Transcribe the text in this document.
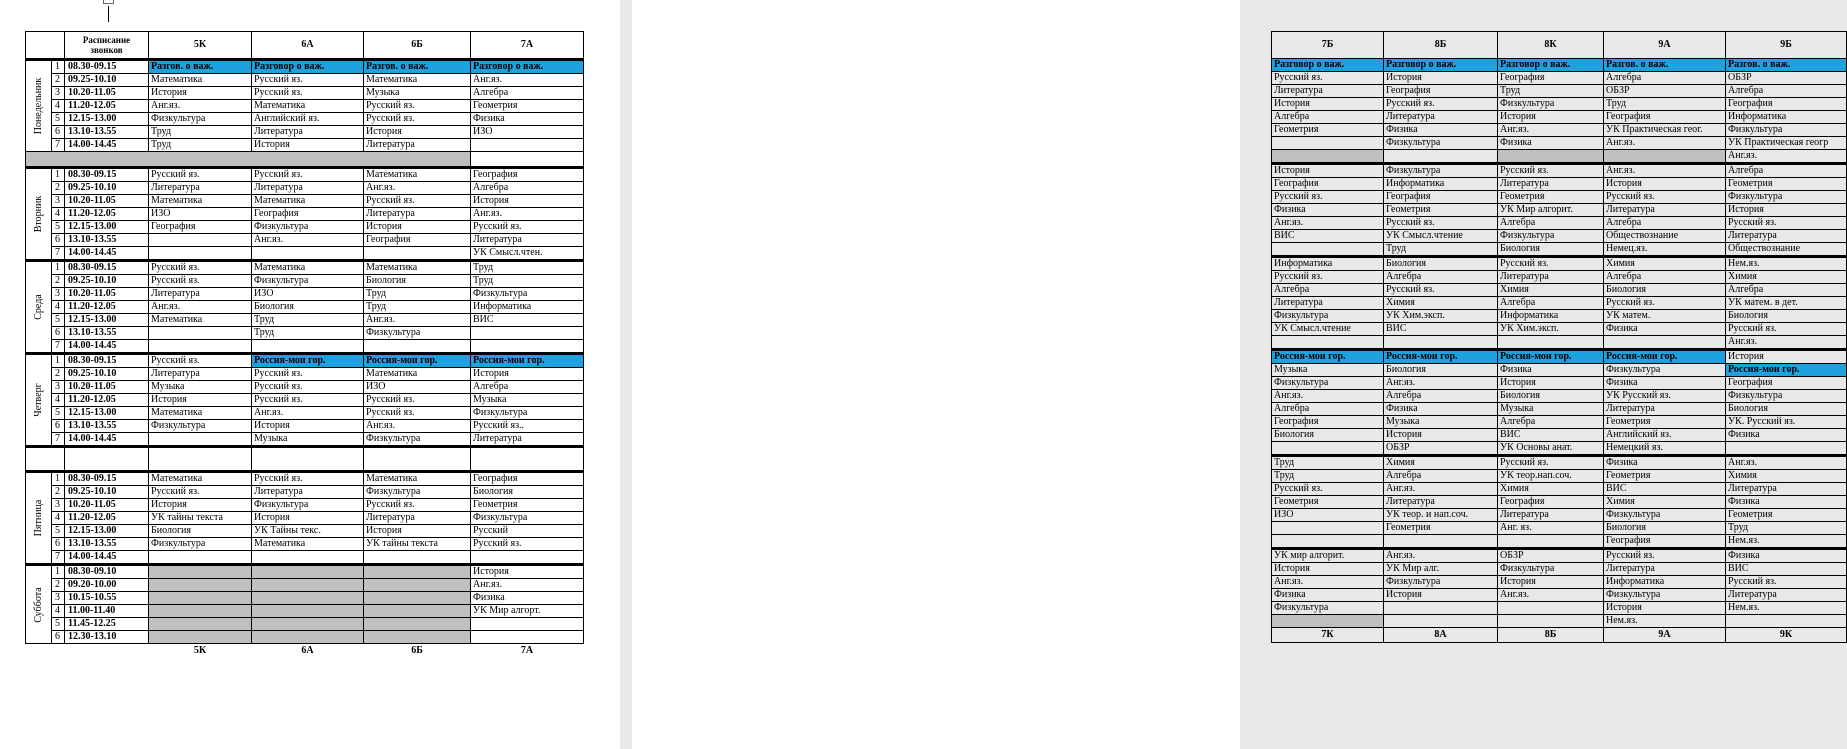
		Расписание звонков	5К	6А	6Б	7А

Понедельник	1	08.30-09.15	Разгов. о важ.	Разговор о важ.	Разгов. о важ.	Разговор о важ.
	2	09.25-10.10	Математика	Русский яз.	Математика	Анг.яз.
	3	10.20-11.05	История	Русский яз.	Музыка	Алгебра
	4	11.20-12.05	Анг.яз.	Математика	Русский яз.	Геометрия
	5	12.15-13.00	Физкультура	Английский яз.	Русский яз.	Физика
	6	13.10-13.55	Труд	Литература	История	ИЗО
	7	14.00-14.45	Труд	История	Литература	

Вторник	1	08.30-09.15	Русский яз.	Русский яз.	Математика	География
	2	09.25-10.10	Литература	Литература	Анг.яз.	Алгебра
	3	10.20-11.05	Математика	Математика	Русский яз.	История
	4	11.20-12.05	ИЗО	География	Литература	Анг.яз.
	5	12.15-13.00	География	Физкультура	История	Русский яз.
	6	13.10-13.55		Анг.яз.	География	Литература
	7	14.00-14.45				УК Смысл.чтен.

Среда	1	08.30-09.15	Русский яз.	Математика	Математика	Труд
	2	09.25-10.10	Русский яз.	Физкультура	Биология	Труд
	3	10.20-11.05	Литература	ИЗО	Труд	Физкультура
	4	11.20-12.05	Анг.яз.	Биология	Труд	Информатика
	5	12.15-13.00	Математика	Труд	Анг.яз.	ВИС
	6	13.10-13.55		Труд	Физкультура	
	7	14.00-14.45				

Четверг	1	08.30-09.15	Русский яз.	Россия-мои гор.	Россия-мои гор.	Россия-мои гор.
	2	09.25-10.10	Литература	Русский яз.	Математика	История
	3	10.20-11.05	Музыка	Русский яз.	ИЗО	Алгебра
	4	11.20-12.05	История	Русский яз.	Русский яз.	Музыка
	5	12.15-13.00	Математика	Анг.яз.	Русский яз.	Физкультура
	6	13.10-13.55	Физкультура	История	Анг.яз.	Русский яз..
	7	14.00-14.45		Музыка	Физкультура	Литература

Пятница	1	08.30-09.15	Математика	Русский яз.	Математика	География
	2	09.25-10.10	Русский яз.	Литература	Физкультура	Биология
	3	10.20-11.05	История	Физкультура	Русский яз.	Геометрия
	4	11.20-12.05	УК тайны текста	История	Литература	Физкультура
	5	12.15-13.00	Биология	УК Тайны текс.	История	Русский
	6	13.10-13.55	Физкультура	Математика	УК тайны текста	Русский яз.
	7	14.00-14.45				

Суббота	1	08.30-09.10				История
	2	09.20-10.00				Анг.яз.
	3	10.15-10.55				Физика
	4	11.00-11.40				УК Мир алгорт.
	5	11.45-12.25				
	6	12.30-13.10				
			5К	6А	6Б	7А
7Б	8Б	8К	9А	9Б
Разговор о важ.	Разговор о важ.	Разговор о важ.	Разгов. о важ.	Разгов. о важ.
Русский яз.	История	География	Алгебра	ОБЗР
Литература	География	Труд	ОБЗР	Алгебра
История	Русский яз.	Физкультура	Труд	География
Алгебра	Литература	История	География	Информатика
Геометрия	Физика	Анг.яз.	УК Практическая геог.	Физкультура
	Физкультура	Физика	Анг.яз.	УК Практическая геогр
				Анг.яз.
История	Физкультура	Русский яз.	Анг.яз.	Алгебра
География	Информатика	Литература	История	Геометрия
Русский яз.	География	Геометрия	Русский яз.	Физкультура
Физика	Геометрия	УК Мир алгорит.	Литература	История
Анг.яз.	Русский яз.	Алгебра	Алгебра	Русский яз.
ВИС	УК Смысл.чтение	Физкультура	Обществознание	Литература
	Труд	Биология	Немец.яз.	Обществознание
Информатика	Биология	Русский яз.	Химия	Нем.яз.
Русский яз.	Алгебра	Литература	Алгебра	Химия
Алгебра	Русский яз.	Химия	Биология	Алгебра
Литература	Химия	Алгебра	Русский яз.	УК матем. в дет.
Физкультура	УК Хим.эксп.	Информатика	УК матем.	Биология
УК Смысл.чтение	ВИС	УК Хим.эксп.	Физика	Русский яз.
				Анг.яз.
Россия-мои гор.	Россия-мои гор.	Россия-мои гор.	Россия-мои гор.	История
Музыка	Биология	Физика	Физкультура	Россия-мои гор.
Физкультура	Анг.яз.	История	Физика	География
Анг.яз.	Алгебра	Биология	УК Русский яз.	Физкультура
Алгебра	Физика	Музыка	Литература	Биология
География	Музыка	Алгебра	Геометрия	УК. Русский яз.
Биология	История	ВИС	Английский яз.	Физика
	ОБЗР	УК Основы анат.	Немецкий яз.	
Труд	Химия	Русский яз.	Физика	Анг.яз.
Труд	Алгебра	УК теор.нап.соч.	Геометрия	Химия
Русский яз.	Анг.яз.	Химия	ВИС	Литература
Геометрия	Литература	География	Химия	Физика
ИЗО	УК теор. и нап.соч.	Литература	Физкультура	Геометрия
	Геометрия	Анг. яз.	Биология	Труд
			География	Нем.яз.
УК мир алгорит.	Анг.яз.	ОБЗР	Русский яз.	Физика
История	УК Мир алг.	Физкультура	Литература	ВИС
Анг.яз.	Физкультура	История	Информатика	Русский яз.
Физика	История	Анг.яз.	Физкультура	Литература
Физкультура			История	Нем.яз.
			Нем.яз.	
7К	8А	8Б	9А	9К
